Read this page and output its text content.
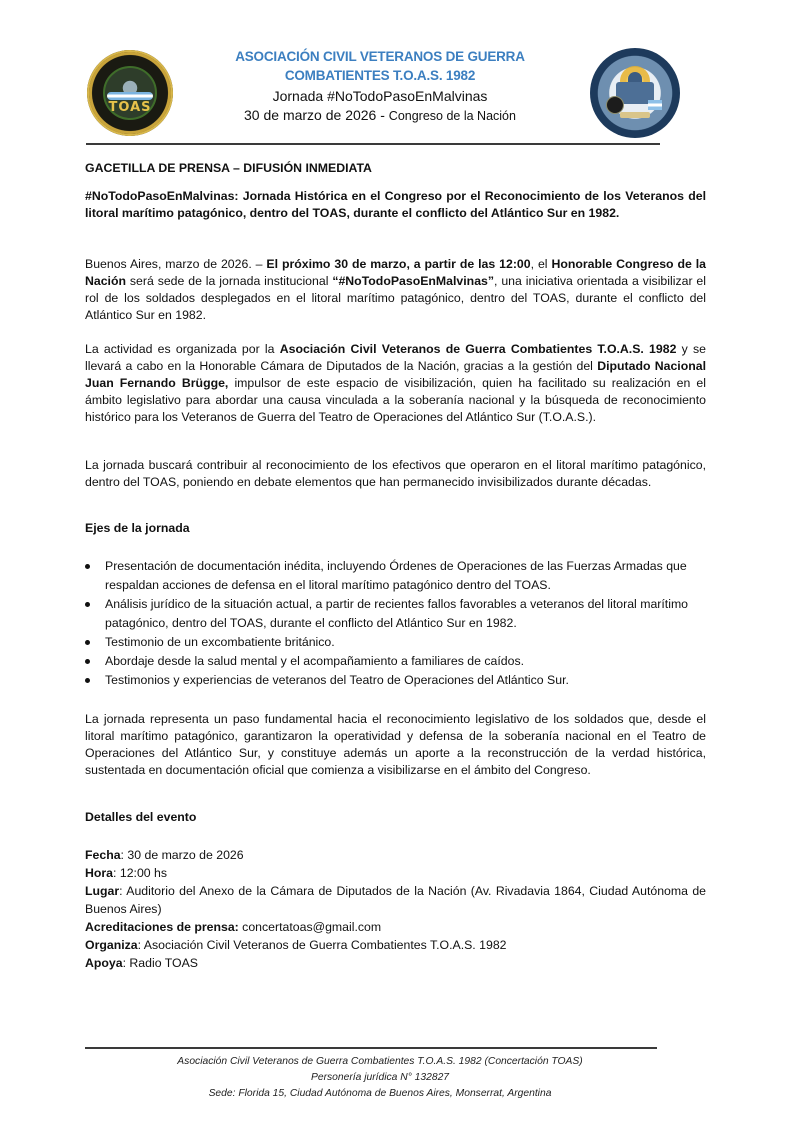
TOAS
ASOCIACIÓN CIVIL VETERANOS DE GUERRA
COMBATIENTES T.O.A.S. 1982
Jornada #NoTodoPasoEnMalvinas
30 de marzo de 2026 - Congreso de la Nación
GACETILLA DE PRENSA – DIFUSIÓN INMEDIATA
#NoTodoPasoEnMalvinas: Jornada Histórica en el Congreso por el Reconocimiento de los Veteranos del litoral marítimo patagónico, dentro del TOAS, durante el conflicto del Atlántico Sur en 1982.
Buenos Aires, marzo de 2026. – El próximo 30 de marzo, a partir de las 12:00, el Honorable Congreso de la Nación será sede de la jornada institucional “#NoTodoPasoEnMalvinas”, una iniciativa orientada a visibilizar el rol de los soldados desplegados en el litoral marítimo patagónico, dentro del TOAS, durante el conflicto del Atlántico Sur en 1982.
La actividad es organizada por la Asociación Civil Veteranos de Guerra Combatientes T.O.A.S. 1982 y se llevará a cabo en la Honorable Cámara de Diputados de la Nación, gracias a la gestión del Diputado Nacional Juan Fernando Brügge, impulsor de este espacio de visibilización, quien ha facilitado su realización en el ámbito legislativo para abordar una causa vinculada a la soberanía nacional y la búsqueda de reconocimiento histórico para los Veteranos de Guerra del Teatro de Operaciones del Atlántico Sur (T.O.A.S.).
La jornada buscará contribuir al reconocimiento de los efectivos que operaron en el litoral marítimo patagónico, dentro del TOAS, poniendo en debate elementos que han permanecido invisibilizados durante décadas.
Ejes de la jornada
Presentación de documentación inédita, incluyendo Órdenes de Operaciones de las Fuerzas Armadas que respaldan acciones de defensa en el litoral marítimo patagónico dentro del TOAS.
Análisis jurídico de la situación actual, a partir de recientes fallos favorables a veteranos del litoral marítimo patagónico, dentro del TOAS, durante el conflicto del Atlántico Sur en 1982.
Testimonio de un excombatiente británico.
Abordaje desde la salud mental y el acompañamiento a familiares de caídos.
Testimonios y experiencias de veteranos del Teatro de Operaciones del Atlántico Sur.
La jornada representa un paso fundamental hacia el reconocimiento legislativo de los soldados que, desde el litoral marítimo patagónico, garantizaron la operatividad y defensa de la soberanía nacional en el Teatro de Operaciones del Atlántico Sur, y constituye además un aporte a la reconstrucción de la verdad histórica, sustentada en documentación oficial que comienza a visibilizarse en el ámbito del Congreso.
Detalles del evento
Fecha: 30 de marzo de 2026
Hora: 12:00 hs
Lugar: Auditorio del Anexo de la Cámara de Diputados de la Nación (Av. Rivadavia 1864, Ciudad Autónoma de Buenos Aires)
Acreditaciones de prensa: concertatoas@gmail.com
Organiza: Asociación Civil Veteranos de Guerra Combatientes T.O.A.S. 1982
Apoya: Radio TOAS
Asociación Civil Veteranos de Guerra Combatientes T.O.A.S. 1982 (Concertación TOAS)
Personería jurídica N° 132827
Sede: Florida 15, Ciudad Autónoma de Buenos Aires, Monserrat, Argentina
